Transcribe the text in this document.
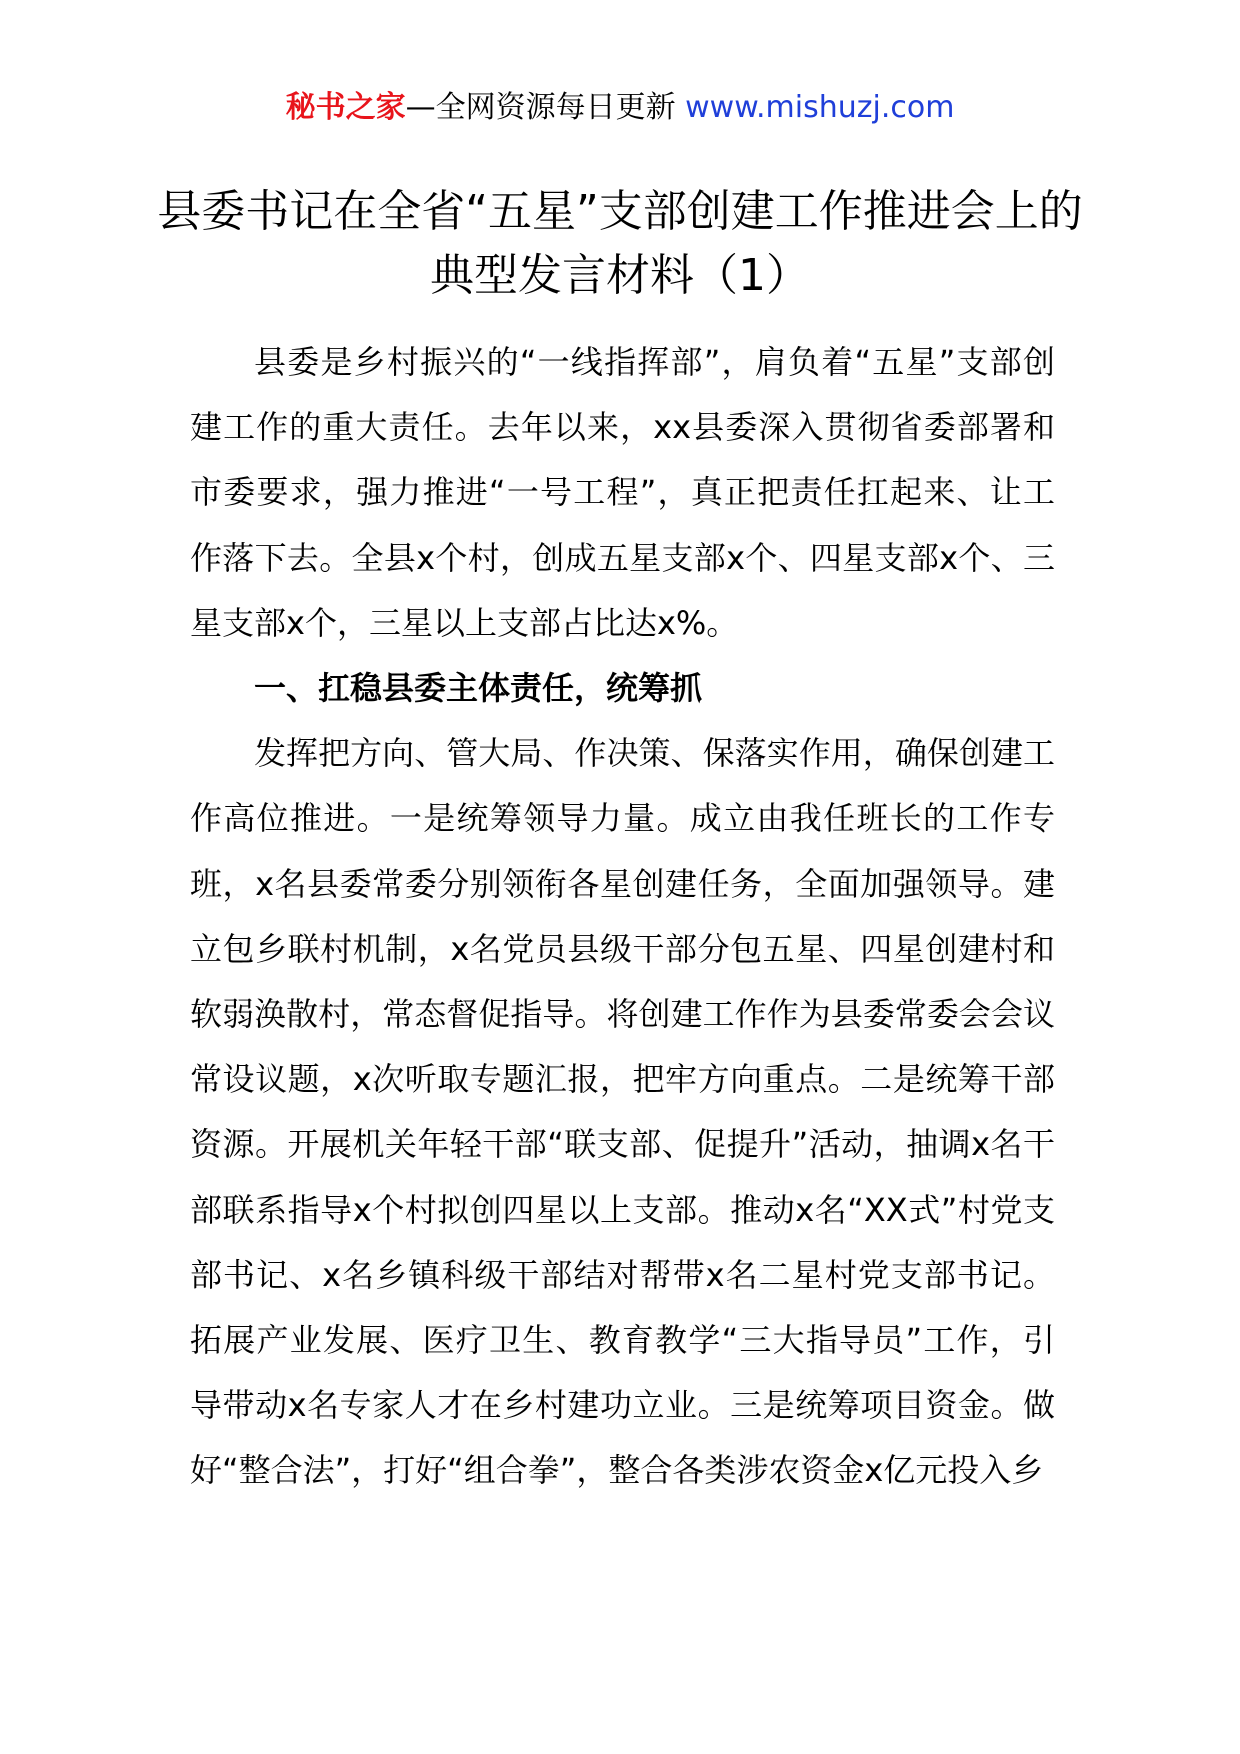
秘书之家—全网资源每日更新 www.mishuzj.com
县委书记在全省“五星”支部创建工作推进会上的典型发言材料（1）

县委是乡村振兴的“一线指挥部”，肩负着“五星”支部创建工作的重大责任。去年以来，xx县委深入贯彻省委部署和市委要求，强力推进“一号工程”，真正把责任扛起来、让工作落下去。全县x个村，创成五星支部x个、四星支部x个、三星支部x个，三星以上支部占比达x%。

一、扛稳县委主体责任，统筹抓

发挥把方向、管大局、作决策、保落实作用，确保创建工作高位推进。一是统筹领导力量。成立由我任班长的工作专班，x名县委常委分别领衔各星创建任务，全面加强领导。建立包乡联村机制，x名党员县级干部分包五星、四星创建村和软弱涣散村，常态督促指导。将创建工作作为县委常委会会议常设议题，x次听取专题汇报，把牢方向重点。二是统筹干部资源。开展机关年轻干部“联支部、促提升”活动，抽调x名干部联系指导x个村拟创四星以上支部。推动x名“XX式”村党支部书记、x名乡镇科级干部结对帮带x名二星村党支部书记。拓展产业发展、医疗卫生、教育教学“三大指导员”工作，引导带动x名专家人才在乡村建功立业。三是统筹项目资金。做好“整合法”，打好“组合拳”，整合各类涉农资金x亿元投入乡
